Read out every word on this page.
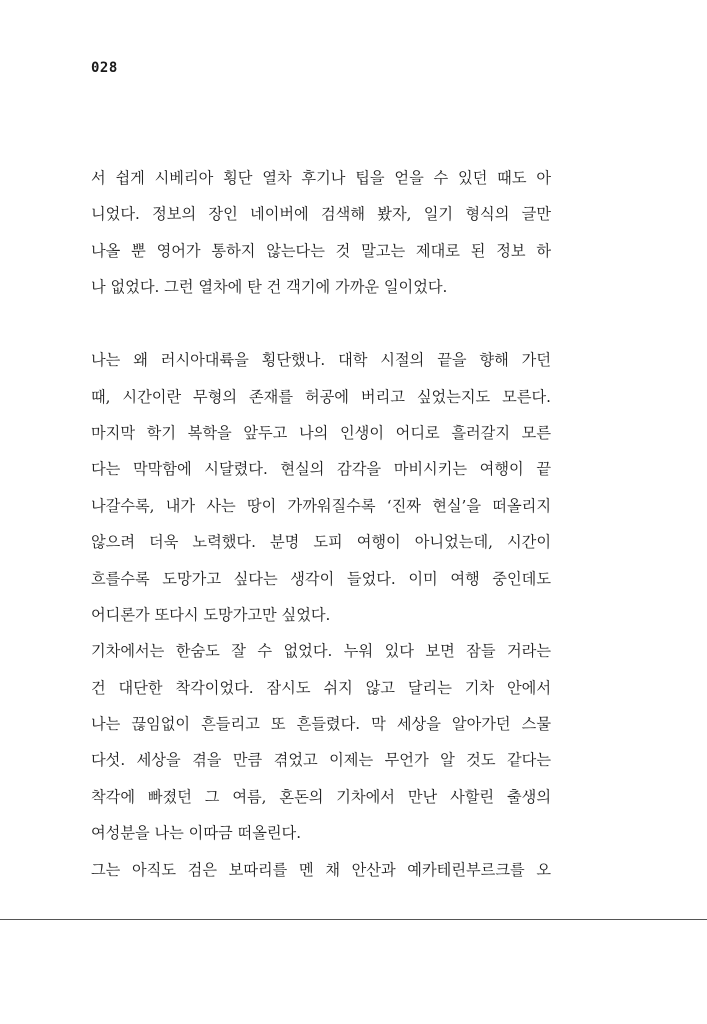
028
서 쉽게 시베리아 횡단 열차 후기나 팁을 얻을 수 있던 때도 아
니었다. 정보의 장인 네이버에 검색해 봤자, 일기 형식의 글만
나올 뿐 영어가 통하지 않는다는 것 말고는 제대로 된 정보 하
나 없었다. 그런 열차에 탄 건 객기에 가까운 일이었다.
나는 왜 러시아대륙을 횡단했나. 대학 시절의 끝을 향해 가던
때, 시간이란 무형의 존재를 허공에 버리고 싶었는지도 모른다.
마지막 학기 복학을 앞두고 나의 인생이 어디로 흘러갈지 모른
다는 막막함에 시달렸다. 현실의 감각을 마비시키는 여행이 끝
나갈수록, 내가 사는 땅이 가까워질수록 ‘진짜 현실’을 떠올리지
않으려 더욱 노력했다. 분명 도피 여행이 아니었는데, 시간이
흐를수록 도망가고 싶다는 생각이 들었다. 이미 여행 중인데도
어디론가 또다시 도망가고만 싶었다.
기차에서는 한숨도 잘 수 없었다. 누워 있다 보면 잠들 거라는
건 대단한 착각이었다. 잠시도 쉬지 않고 달리는 기차 안에서
나는 끊임없이 흔들리고 또 흔들렸다. 막 세상을 알아가던 스물
다섯. 세상을 겪을 만큼 겪었고 이제는 무언가 알 것도 같다는
착각에 빠졌던 그 여름, 혼돈의 기차에서 만난 사할린 출생의
여성분을 나는 이따금 떠올린다.
그는 아직도 검은 보따리를 멘 채 안산과 예카테린부르크를 오
